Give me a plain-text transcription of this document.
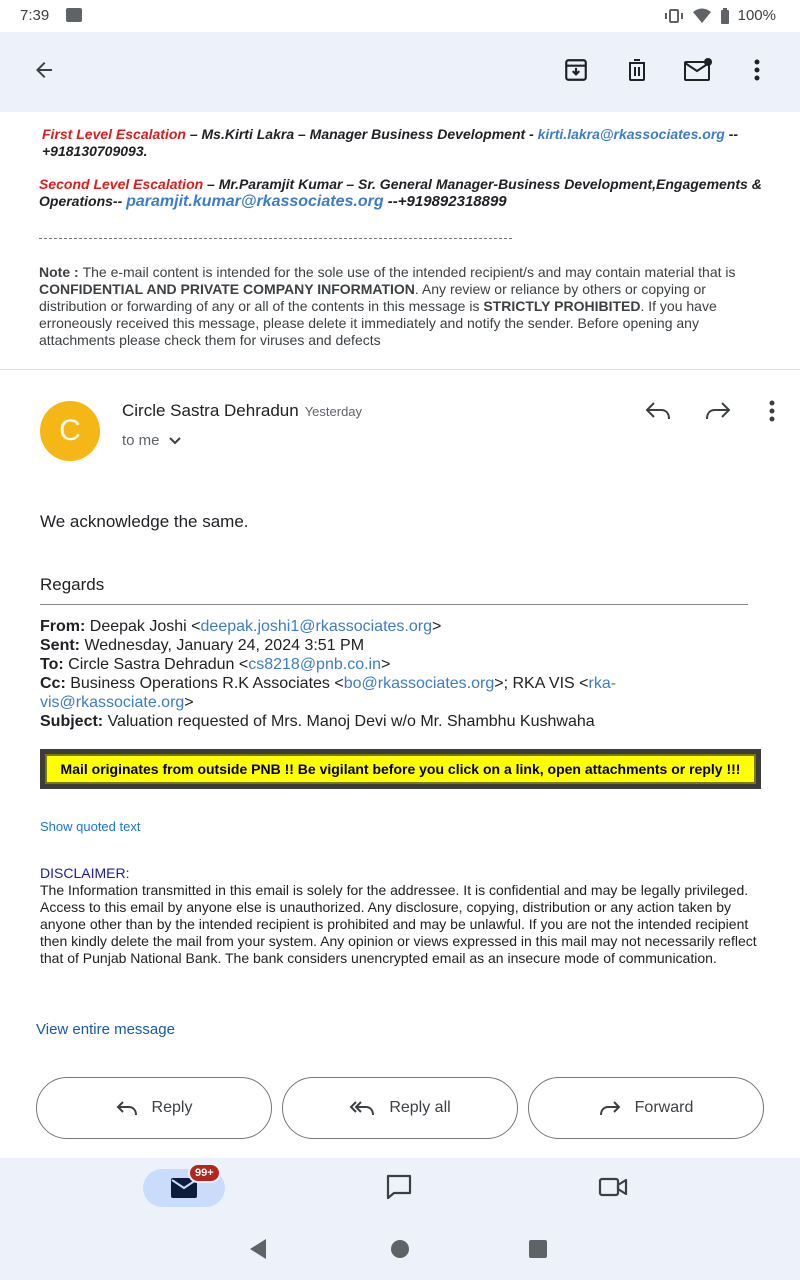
7:39	100%
First Level Escalation – Ms.Kirti Lakra – Manager Business Development - kirti.lakra@rkassociates.org --+918130709093.
Second Level Escalation – Mr.Paramjit Kumar – Sr. General Manager-Business Development,Engagements & Operations-- paramjit.kumar@rkassociates.org --+919892318899
Note : The e-mail content is intended for the sole use of the intended recipient/s and may contain material that is CONFIDENTIAL AND PRIVATE COMPANY INFORMATION. Any review or reliance by others or copying or distribution or forwarding of any or all of the contents in this message is STRICTLY PROHIBITED. If you have erroneously received this message, please delete it immediately and notify the sender. Before opening any attachments please check them for viruses and defects
C
Circle Sastra Dehradun Yesterday
to me
We acknowledge the same.
Regards
From: Deepak Joshi <deepak.joshi1@rkassociates.org>
Sent: Wednesday, January 24, 2024 3:51 PM
To: Circle Sastra Dehradun <cs8218@pnb.co.in>
Cc: Business Operations R.K Associates <bo@rkassociates.org>; RKA VIS <rka-vis@rkassociate.org>
Subject: Valuation requested of Mrs. Manoj Devi w/o Mr. Shambhu Kushwaha
Mail originates from outside PNB !! Be vigilant before you click on a link, open attachments or reply !!!
Show quoted text
DISCLAIMER:
The Information transmitted in this email is solely for the addressee. It is confidential and may be legally privileged. Access to this email by anyone else is unauthorized. Any disclosure, copying, distribution or any action taken by anyone other than by the intended recipient is prohibited and may be unlawful. If you are not the intended recipient then kindly delete the mail from your system. Any opinion or views expressed in this mail may not necessarily reflect that of Punjab National Bank. The bank considers unencrypted email as an insecure mode of communication.
View entire message
Reply	Reply all	Forward
99+
